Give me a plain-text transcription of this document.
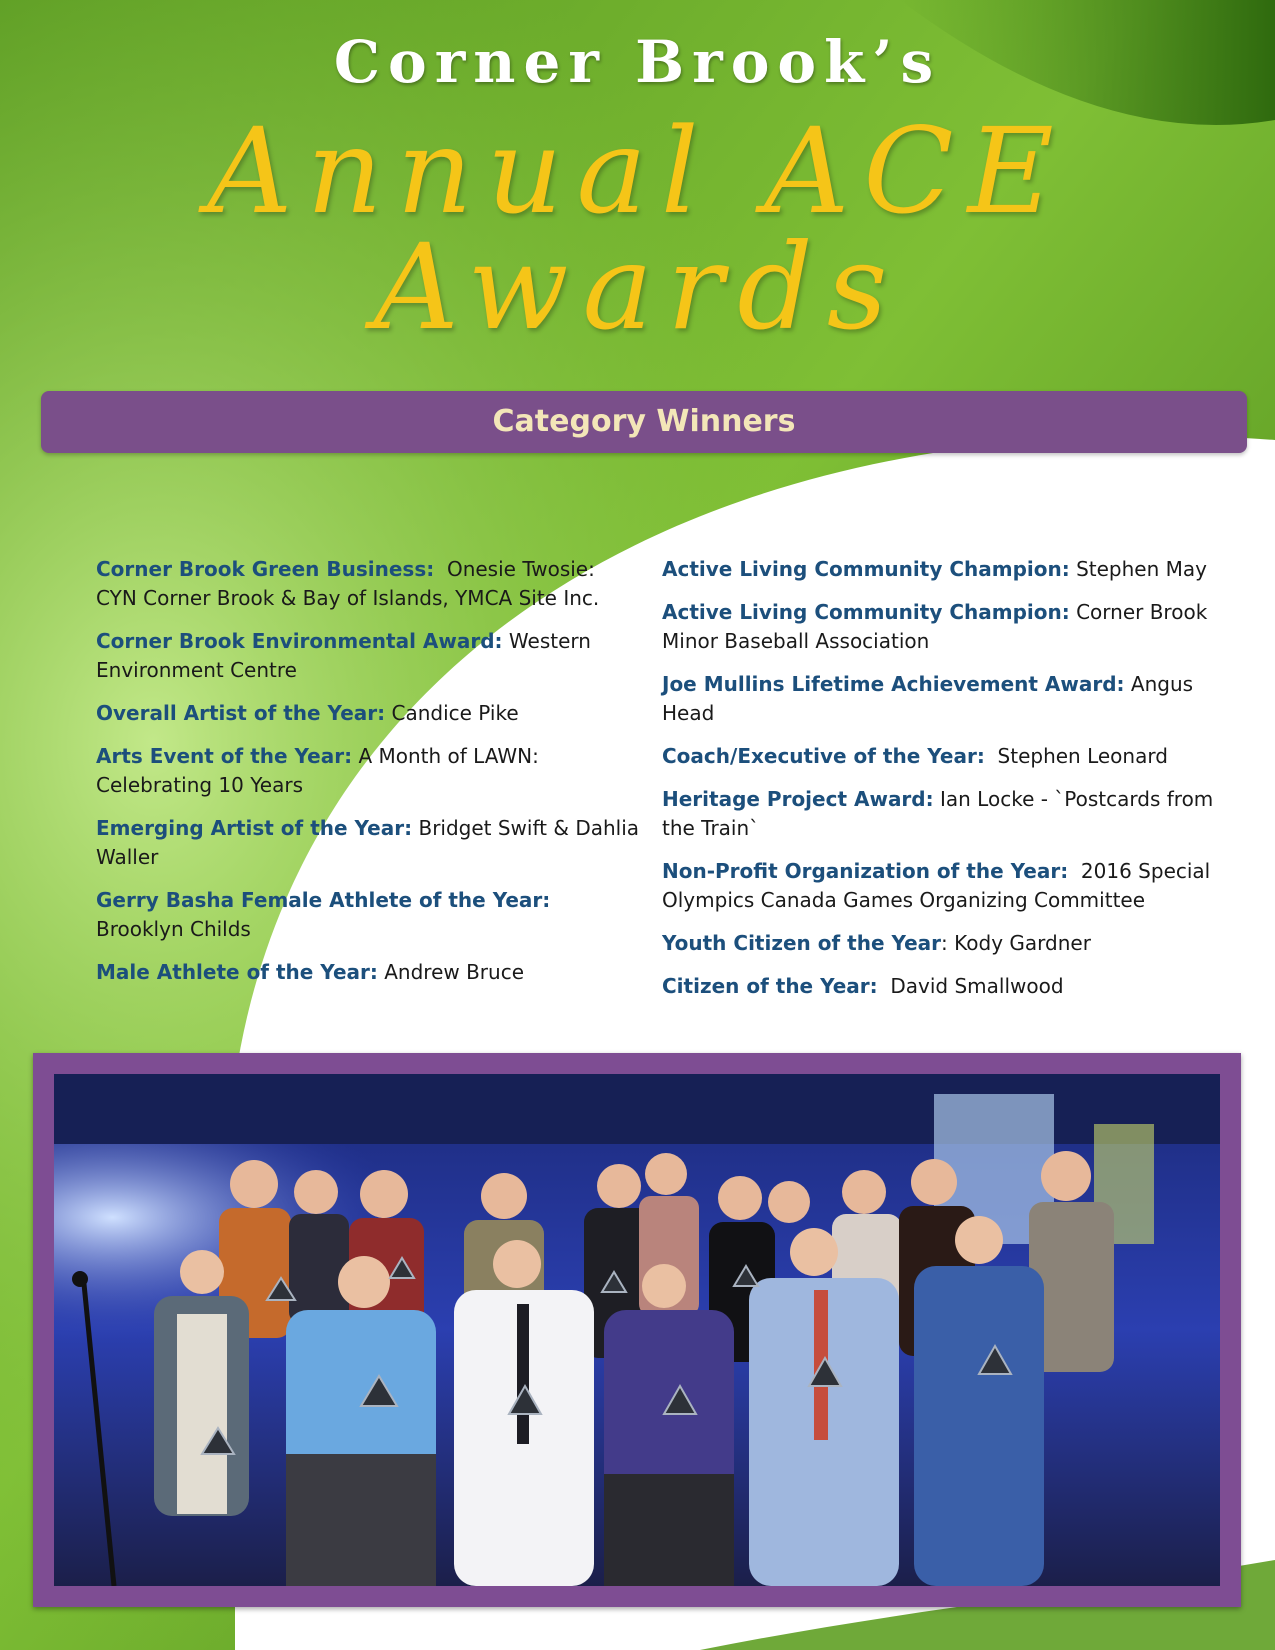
Corner Brook’s
Annual ACE
Awards
Category Winners
Corner Brook Green Business: Onesie Twosie: CYN Corner Brook & Bay of Islands, YMCA Site Inc.
Corner Brook Environmental Award: Western Environment Centre
Overall Artist of the Year: Candice Pike
Arts Event of the Year: A Month of LAWN: Celebrating 10 Years
Emerging Artist of the Year: Bridget Swift & Dahlia Waller
Gerry Basha Female Athlete of the Year: Brooklyn Childs
Male Athlete of the Year: Andrew Bruce
Active Living Community Champion: Stephen May
Active Living Community Champion: Corner Brook Minor Baseball Association
Joe Mullins Lifetime Achievement Award: Angus Head
Coach/Executive of the Year: Stephen Leonard
Heritage Project Award: Ian Locke - `Postcards from the Train`
Non-Profit Organization of the Year: 2016 Special Olympics Canada Games Organizing Committee
Youth Citizen of the Year: Kody Gardner
Citizen of the Year: David Smallwood
